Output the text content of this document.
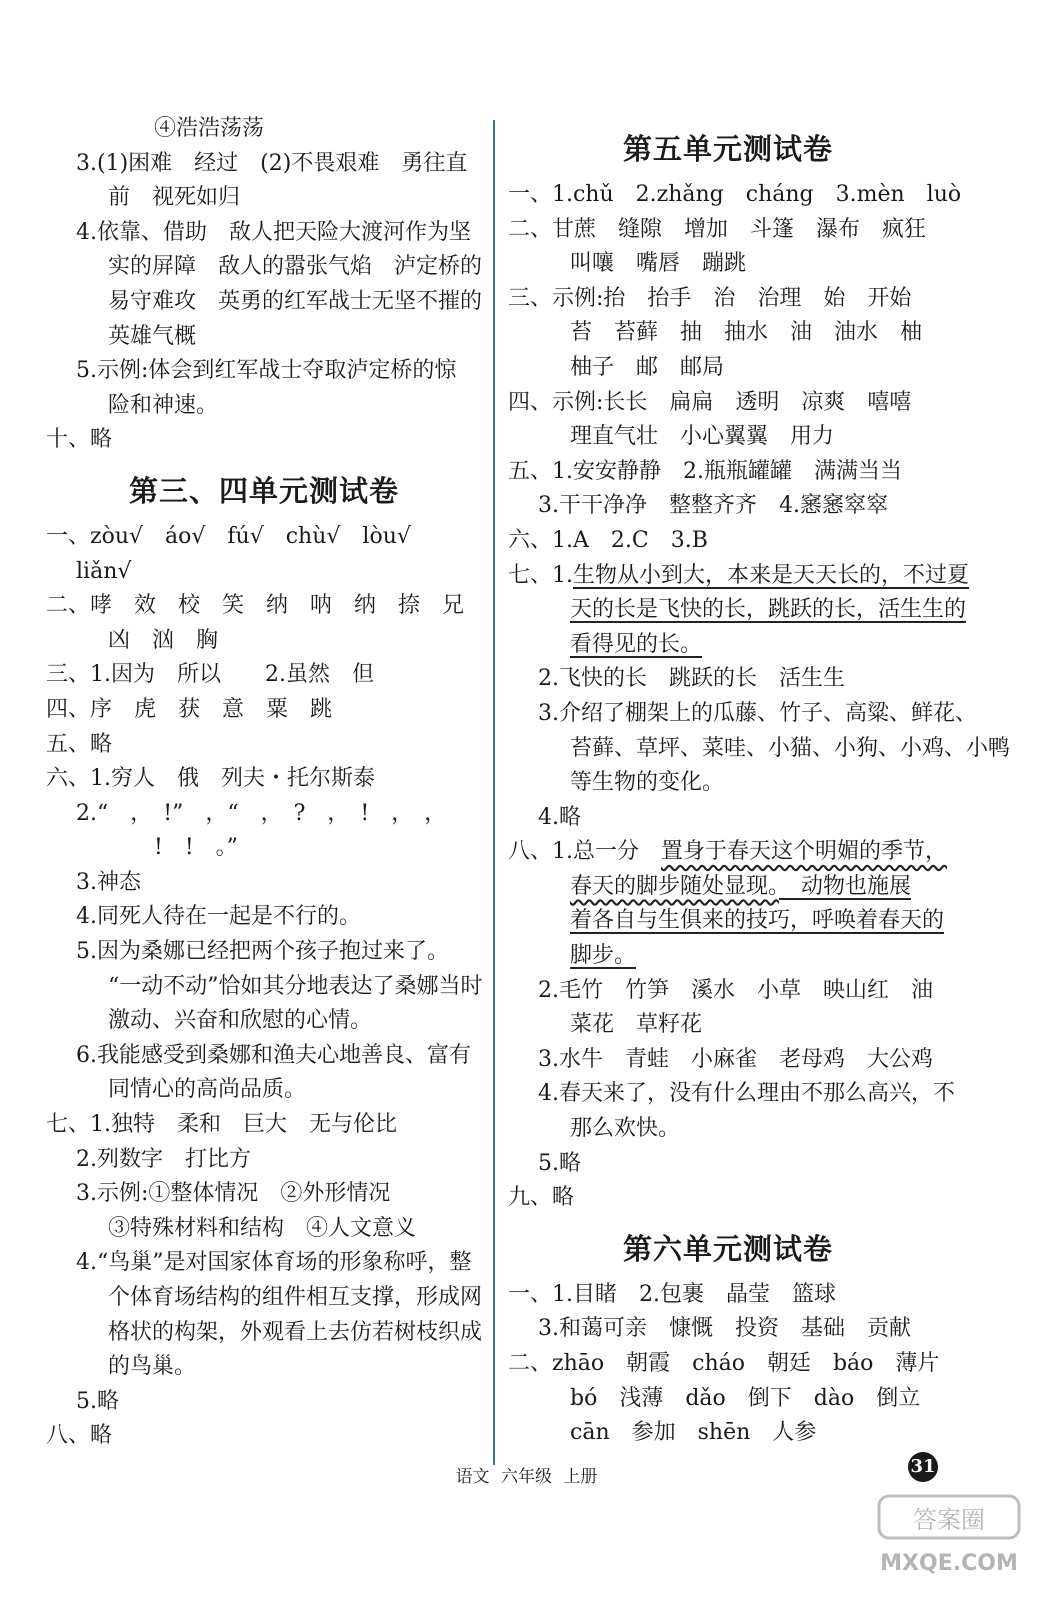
④浩浩荡荡
3.(1)困难　经过　(2)不畏艰难　勇往直
前　视死如归
4.依靠、借助　敌人把天险大渡河作为坚
实的屏障　敌人的嚣张气焰　泸定桥的
易守难攻　英勇的红军战士无坚不摧的
英雄气概
5.示例:体会到红军战士夺取泸定桥的惊
险和神速。
十、略
第三、四单元测试卷
一、zòu√　áo√　fú√　chù√　lòu√
liǎn√
二、哮　效　校　笑　纳　呐　纳　捺　兄
凶　汹　胸
三、1.因为　所以　　2.虽然　但
四、序　虎　获　意　粟　跳
五、略
六、1.穷人　俄　列夫・托尔斯泰
2.“　，　!”　，“　，　?　，　!　，　，
!　!　。”
3.神态
4.同死人待在一起是不行的。
5.因为桑娜已经把两个孩子抱过来了。
“一动不动”恰如其分地表达了桑娜当时
激动、兴奋和欣慰的心情。
6.我能感受到桑娜和渔夫心地善良、富有
同情心的高尚品质。
七、1.独特　柔和　巨大　无与伦比
2.列数字　打比方
3.示例:①整体情况　②外形情况
③特殊材料和结构　④人文意义
4.“鸟巢”是对国家体育场的形象称呼，整
个体育场结构的组件相互支撑，形成网
格状的构架，外观看上去仿若树枝织成
的鸟巢。
5.略
八、略
第五单元测试卷
一、1.chǔ　2.zhǎng　cháng　3.mèn　luò
二、甘蔗　缝隙　增加　斗篷　瀑布　疯狂
叫嚷　嘴唇　蹦跳
三、示例:抬　抬手　治　治理　始　开始
苔　苔藓　抽　抽水　油　油水　柚
柚子　邮　邮局
四、示例:长长　扁扁　透明　凉爽　嘻嘻
理直气壮　小心翼翼　用力
五、1.安安静静　2.瓶瓶罐罐　满满当当
3.干干净净　整整齐齐　4.窸窸窣窣
六、1.A　2.C　3.B
七、1.生物从小到大，本来是天天长的，不过夏
天的长是飞快的长，跳跃的长，活生生的
看得见的长。
2.飞快的长　跳跃的长　活生生
3.介绍了棚架上的瓜藤、竹子、高粱、鲜花、
苔藓、草坪、菜哇、小猫、小狗、小鸡、小鸭
等生物的变化。
4.略
八、1.总一分　置身于春天这个明媚的季节，
春天的脚步随处显现。　动物也施展
着各自与生俱来的技巧，呼唤着春天的
脚步。
2.毛竹　竹笋　溪水　小草　映山红　油
菜花　草籽花
3.水牛　青蛙　小麻雀　老母鸡　大公鸡
4.春天来了，没有什么理由不那么高兴，不
那么欢快。
5.略
九、略
第六单元测试卷
一、1.目睹　2.包裹　晶莹　篮球
3.和蔼可亲　慷慨　投资　基础　贡献
二、zhāo　朝霞　cháo　朝廷　báo　薄片
bó　浅薄　dǎo　倒下　dào　倒立
cān　参加　shēn　人参
语文 六年级 上册	31
答案圈
MXQE.COM
